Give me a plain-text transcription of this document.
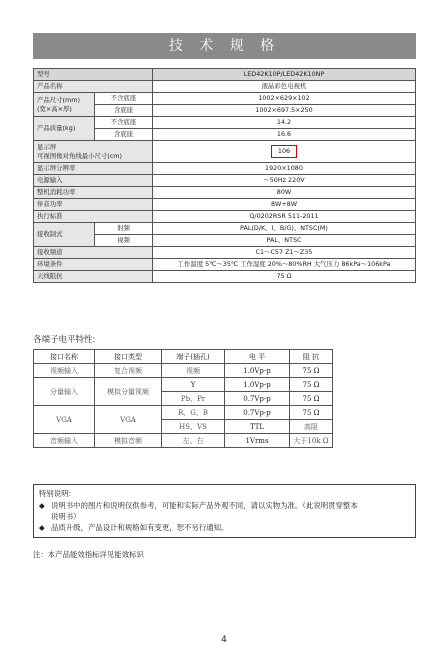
技 术 规 格
型号		LED42K10P/LED42K10NP
产品名称		液晶彩色电视机

产品尺寸(mm)
(宽×高×厚)	不含底座	1002×629×102
	含底座	1002×697.5×250
产品质量(kg)	不含底座	14.2
	含底座	16.6

显示屏
可视图像对角线最小尺寸(cm)		106
显示屏分辨率		1920×1080
电源输入		～50Hz 220V
整机消耗功率		80W
伴音功率		8W+8W
执行标准		Q/0202RSR 511-2011
接收制式	射频	PAL(D/K、I、B/G)、NTSC(M)
	视频	PAL、NTSC
接收频道		C1～C57 Z1～Z35
环境条件		工作温度 5℃～35℃ 工作湿度 20%～80%RH 大气压力 86kPa～106kPa
天线阻抗		75 Ω
各端子电平特性:
接口名称	接口类型	端子(插孔)	电 平	阻 抗
视频输入	复合视频	视频	1.0Vp-p	75 Ω
分量输入	模拟分量视频	Y	1.0Vp-p	75 Ω
		Pb、Pr	0.7Vp-p	75 Ω
VGA	VGA	R、G、B	0.7Vp-p	75 Ω
		HS、VS	TTL	高阻
音频输入	模拟音频	左、右	1Vrms	大于10k Ω
特别说明:
◆ 说明书中的图片和说明仅供参考，可能和实际产品外观不同，请以实物为准。（此说明贯穿整本
说明书）
◆ 品质升级，产品设计和规格如有变更，恕不另行通知。
注：本产品能效指标详见能效标识
4
